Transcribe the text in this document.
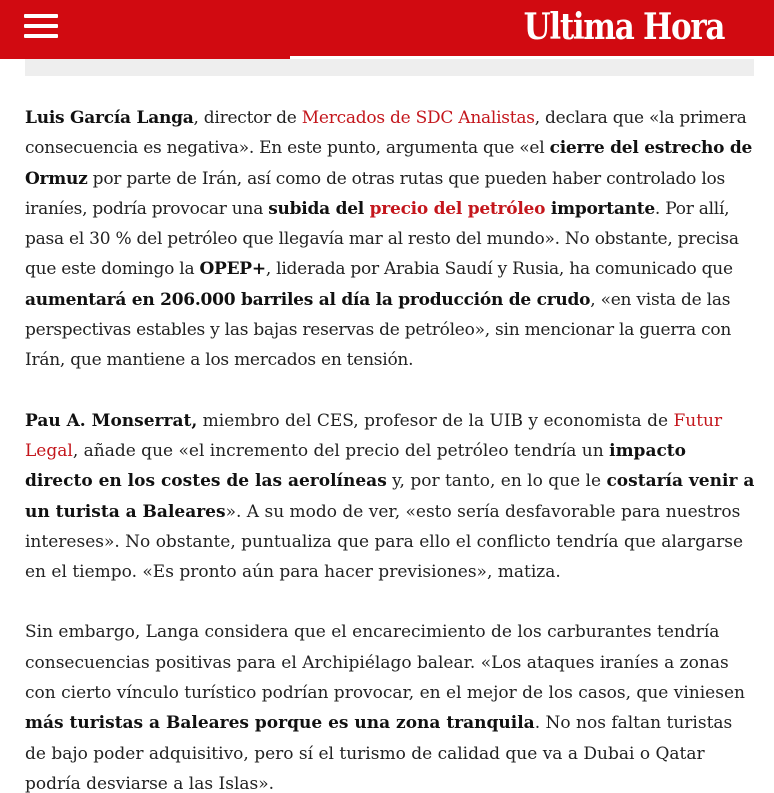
Ultima Hora

Luis García Langa, director de Mercados de SDC Analistas, declara que «la primera consecuencia es negativa». En este punto, argumenta que «el cierre del estrecho de Ormuz por parte de Irán, así como de otras rutas que pueden haber controlado los iraníes, podría provocar una subida del precio del petróleo importante. Por allí, pasa el 30 % del petróleo que llegavía mar al resto del mundo». No obstante, precisa que este domingo la OPEP+, liderada por Arabia Saudí y Rusia, ha comunicado que aumentará en 206.000 barriles al día la producción de crudo, «en vista de las perspectivas estables y las bajas reservas de petróleo», sin mencionar la guerra con Irán, que mantiene a los mercados en tensión.

Pau A. Monserrat, miembro del CES, profesor de la UIB y economista de Futur Legal, añade que «el incremento del precio del petróleo tendría un impacto directo en los costes de las aerolíneas y, por tanto, en lo que le costaría venir a un turista a Baleares». A su modo de ver, «esto sería desfavorable para nuestros intereses». No obstante, puntualiza que para ello el conflicto tendría que alargarse en el tiempo. «Es pronto aún para hacer previsiones», matiza.

Sin embargo, Langa considera que el encarecimiento de los carburantes tendría consecuencias positivas para el Archipiélago balear. «Los ataques iraníes a zonas con cierto vínculo turístico podrían provocar, en el mejor de los casos, que viniesen más turistas a Baleares porque es una zona tranquila. No nos faltan turistas de bajo poder adquisitivo, pero sí el turismo de calidad que va a Dubai o Qatar podría desviarse a las Islas».
